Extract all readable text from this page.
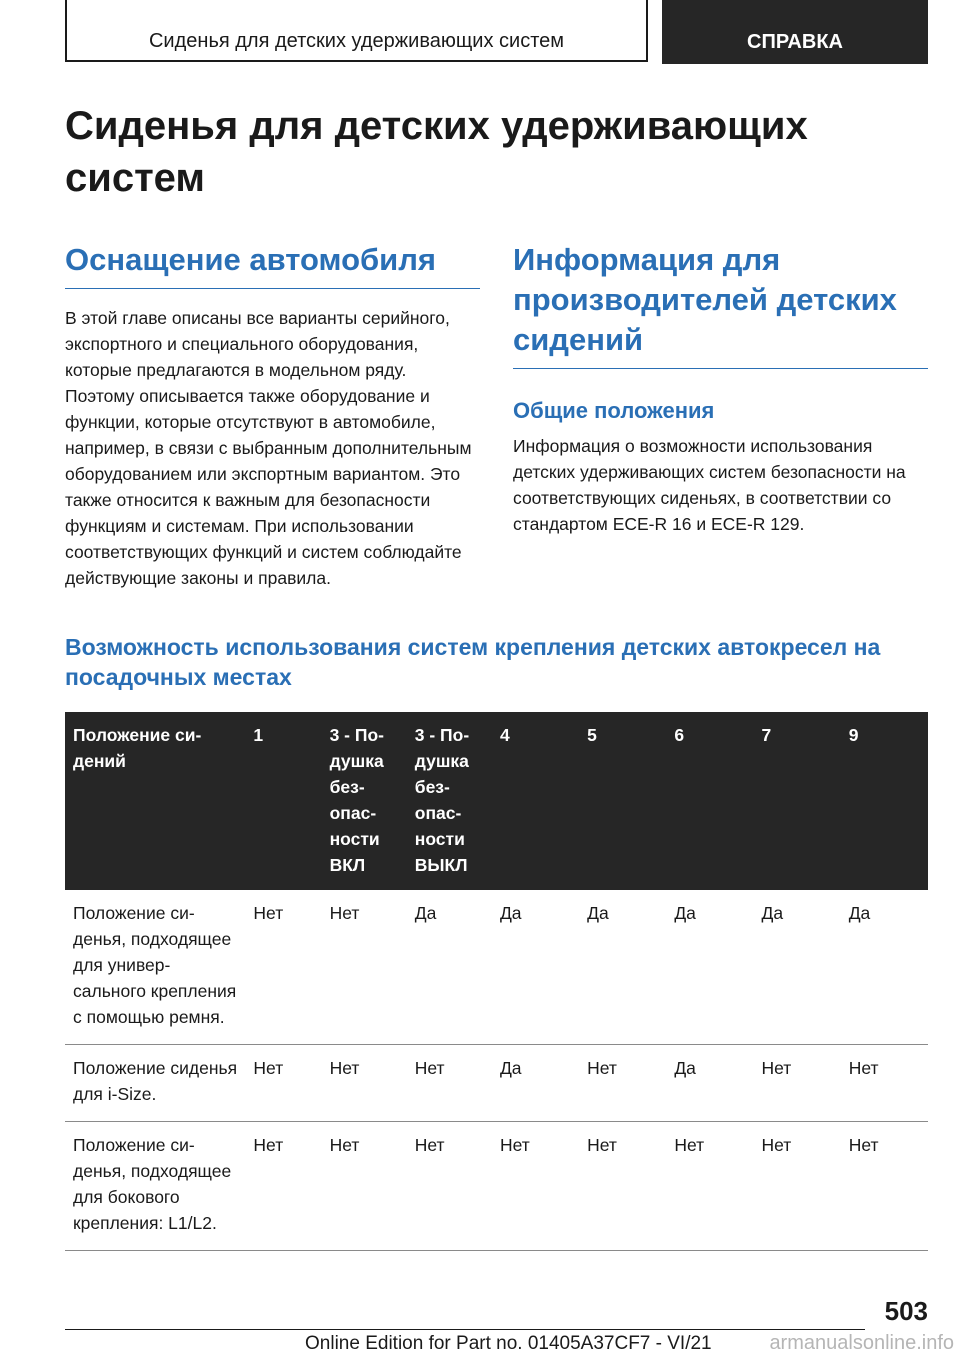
Сиденья для детских удерживающих систем	СПРАВКА
Сиденья для детских удерживающих систем
Оснащение автомобиля

В этой главе описаны все варианты серийного, экспортного и специального оборудования, которые предлагаются в модельном ряду. Поэтому описывается также оборудование и функции, которые отсутствуют в автомобиле, например, в связи с выбранным дополнительным оборудованием или экспортным вариантом. Это также относится к важным для безопасности функциям и системам. При использовании соответствующих функций и систем соблюдайте действующие законы и правила.

Информация для производителей детских сидений
Общие положения

Информация о возможности использования детских удерживающих систем безопасности на соответствующих сиденьях, в соответствии со стандартом ECE-R 16 и ECE-R 129.

Возможность использования систем крепления детских автокресел на посадочных местах
Положение сидений	1	3 - Подушка безопасности ВКЛ	3 - Подушка безопасности ВЫКЛ	4	5	6	7	9
Положение сиденья, подходящее для универсального крепления с помощью ремня.	Нет	Нет	Да	Да	Да	Да	Да	Да
Положение сиденья для i-Size.	Нет	Нет	Нет	Да	Нет	Да	Нет	Нет
Положение сиденья, подходящее для бокового крепления: L1/L2.	Нет	Нет	Нет	Нет	Нет	Нет	Нет	Нет
503
Online Edition for Part no. 01405A37CF7 - VI/21	armanualsonline.info
